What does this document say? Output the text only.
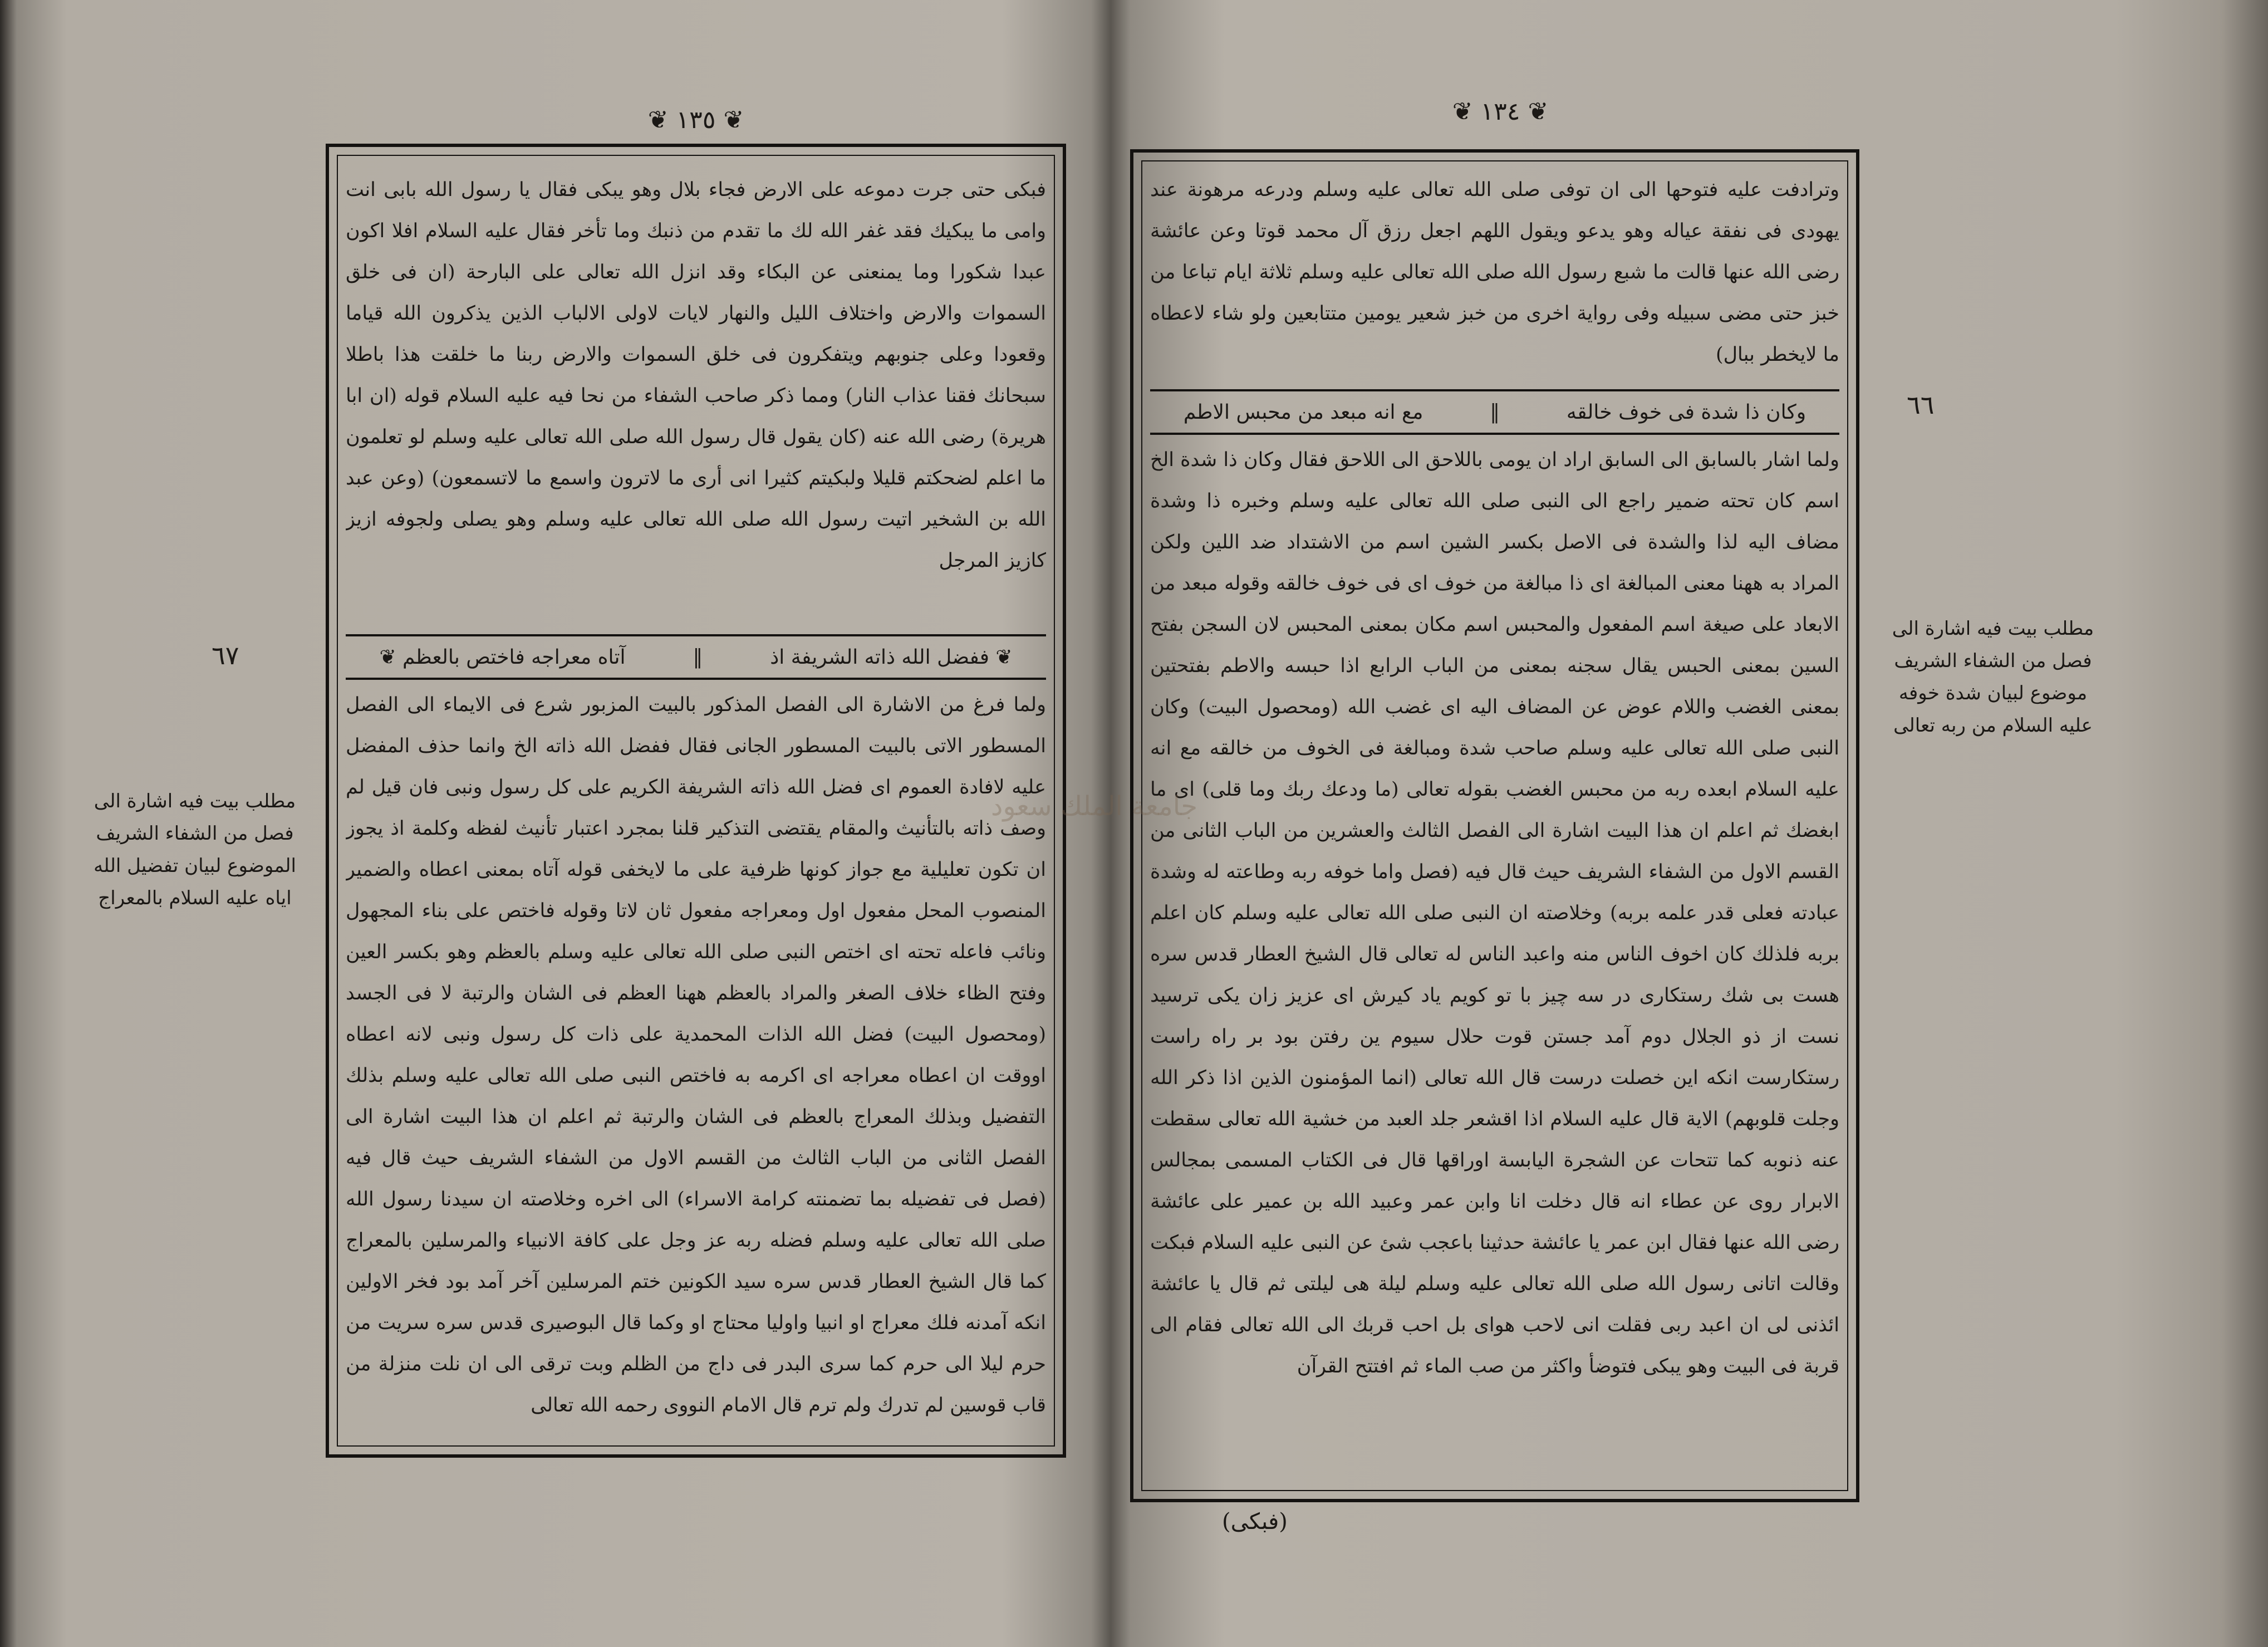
❦ ١٣٥ ❦

فبكى حتى جرت دموعه على الارض فجاء بلال وهو يبكى فقال يا رسول الله بابى انت وامى ما يبكيك فقد غفر الله لك ما تقدم من ذنبك وما تأخر فقال عليه السلام افلا اكون عبدا شكورا وما يمنعنى عن البكاء وقد انزل الله تعالى على البارحة (ان فى خلق السموات والارض واختلاف الليل والنهار لايات لاولى الالباب الذين يذكرون الله قياما وقعودا وعلى جنوبهم ويتفكرون فى خلق السموات والارض ربنا ما خلقت هذا باطلا سبحانك فقنا عذاب النار) ومما ذكر صاحب الشفاء من نحا فيه عليه السلام قوله (ان ابا هريرة) رضى الله عنه (كان يقول قال رسول الله صلى الله تعالى عليه وسلم لو تعلمون ما اعلم لضحكتم قليلا ولبكيتم كثيرا انى أرى ما لاترون واسمع ما لاتسمعون) (وعن عبد الله بن الشخير اتيت رسول الله صلى الله تعالى عليه وسلم وهو يصلى ولجوفه ازيز كازيز المرجل

❦ ففضل الله ذاته الشريفة اذ
‖
آتاه معراجه فاختص بالعظم ❦

ولما فرغ من الاشارة الى الفصل المذكور بالبيت المزبور شرع فى الايماء الى الفصل المسطور الاتى بالبيت المسطور الجانى فقال ففضل الله ذاته الخ وانما حذف المفضل عليه لافادة العموم اى فضل الله ذاته الشريفة الكريم على كل رسول ونبى فان قيل لم وصف ذاته بالتأنيث والمقام يقتضى التذكير قلنا بمجرد اعتبار تأنيث لفظه وكلمة اذ يجوز ان تكون تعليلية مع جواز كونها ظرفية على ما لايخفى قوله آتاه بمعنى اعطاه والضمير المنصوب المحل مفعول اول ومعراجه مفعول ثان لاتا وقوله فاختص على بناء المجهول ونائب فاعله تحته اى اختص النبى صلى الله تعالى عليه وسلم بالعظم وهو بكسر العين وفتح الظاء خلاف الصغر والمراد بالعظم ههنا العظم فى الشان والرتبة لا فى الجسد (ومحصول البيت) فضل الله الذات المحمدية على ذات كل رسول ونبى لانه اعطاه اووقت ان اعطاه معراجه اى اكرمه به فاختص النبى صلى الله تعالى عليه وسلم بذلك التفضيل وبذلك المعراج بالعظم فى الشان والرتبة ثم اعلم ان هذا البيت اشارة الى الفصل الثانى من الباب الثالث من القسم الاول من الشفاء الشريف حيث قال فيه (فصل فى تفضيله بما تضمنته كرامة الاسراء) الى اخره وخلاصته ان سيدنا رسول الله صلى الله تعالى عليه وسلم فضله ربه عز وجل على كافة الانبياء والمرسلين بالمعراج كما قال الشيخ العطار قدس سره سيد الكونين ختم المرسلين آخر آمد بود فخر الاولين انكه آمدنه فلك معراج او انبيا واوليا محتاج او وكما قال البوصيرى قدس سره سريت من حرم ليلا الى حرم كما سرى البدر فى داج من الظلم وبت ترقى الى ان نلت منزلة من قاب قوسين لم تدرك ولم ترم قال الامام النووى رحمه الله تعالى

٦٧
مطلب بيت فيه اشارة الى فصل من الشفاء الشريف الموضوع لبيان تفضيل الله اياه عليه السلام بالمعراج
❦ ١٣٤ ❦

وترادفت عليه فتوحها الى ان توفى صلى الله تعالى عليه وسلم ودرعه مرهونة عند يهودى فى نفقة عياله وهو يدعو ويقول اللهم اجعل رزق آل محمد قوتا وعن عائشة رضى الله عنها قالت ما شبع رسول الله صلى الله تعالى عليه وسلم ثلاثة ايام تباعا من خبز حتى مضى سبيله وفى رواية اخرى من خبز شعير يومين متتابعين ولو شاء لاعطاه ما لايخطر ببال)

وكان ذا شدة فى خوف خالقه
‖
مع انه مبعد من محبس الاطم

ولما اشار بالسابق الى السابق اراد ان يومى باللاحق الى اللاحق فقال وكان ذا شدة الخ اسم كان تحته ضمير راجع الى النبى صلى الله تعالى عليه وسلم وخبره ذا وشدة مضاف اليه لذا والشدة فى الاصل بكسر الشين اسم من الاشتداد ضد اللين ولكن المراد به ههنا معنى المبالغة اى ذا مبالغة من خوف اى فى خوف خالقه وقوله مبعد من الابعاد على صيغة اسم المفعول والمحبس اسم مكان بمعنى المحبس لان السجن بفتح السين بمعنى الحبس يقال سجنه بمعنى من الباب الرابع اذا حبسه والاطم بفتحتين بمعنى الغضب واللام عوض عن المضاف اليه اى غضب الله (ومحصول البيت) وكان النبى صلى الله تعالى عليه وسلم صاحب شدة ومبالغة فى الخوف من خالقه مع انه عليه السلام ابعده ربه من محبس الغضب بقوله تعالى (ما ودعك ربك وما قلى) اى ما ابغضك ثم اعلم ان هذا البيت اشارة الى الفصل الثالث والعشرين من الباب الثانى من القسم الاول من الشفاء الشريف حيث قال فيه (فصل واما خوفه ربه وطاعته له وشدة عبادته فعلى قدر علمه بربه) وخلاصته ان النبى صلى الله تعالى عليه وسلم كان اعلم بربه فلذلك كان اخوف الناس منه واعبد الناس له تعالى قال الشيخ العطار قدس سره هست بى شك رستكارى در سه چيز با تو كويم ياد كيرش اى عزيز زان يكى ترسيد نست از ذو الجلال دوم آمد جستن قوت حلال سيوم ين رفتن بود بر راه راست رستكارست انكه اين خصلت درست قال الله تعالى (انما المؤمنون الذين اذا ذكر الله وجلت قلوبهم) الاية قال عليه السلام اذا اقشعر جلد العبد من خشية الله تعالى سقطت عنه ذنوبه كما تتحات عن الشجرة اليابسة اوراقها قال فى الكتاب المسمى بمجالس الابرار روى عن عطاء انه قال دخلت انا وابن عمر وعبيد الله بن عمير على عائشة رضى الله عنها فقال ابن عمر يا عائشة حدثينا باعجب شئ عن النبى عليه السلام فبكت وقالت اتانى رسول الله صلى الله تعالى عليه وسلم ليلة هى ليلتى ثم قال يا عائشة ائذنى لى ان اعبد ربى فقلت انى لاحب هواى بل احب قربك الى الله تعالى فقام الى قربة فى البيت وهو يبكى فتوضأ واكثر من صب الماء ثم افتتح القرآن

(فبكى)
٦٦
مطلب بيت فيه اشارة الى فصل من الشفاء الشريف موضوع لبيان شدة خوفه عليه السلام من ربه تعالى
جامعة الملك سعود
